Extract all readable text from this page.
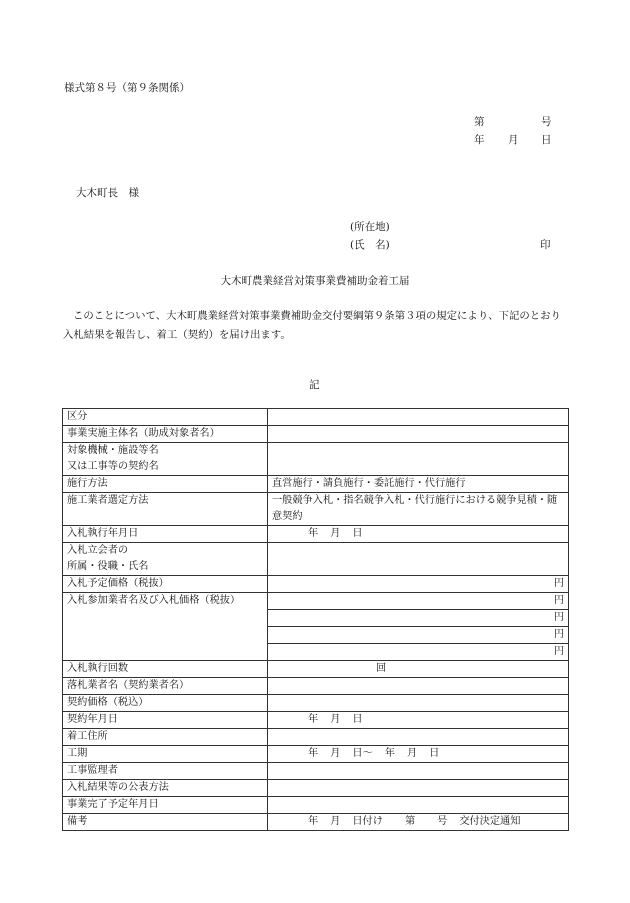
様式第８号（第９条関係）
第	号
年 月 日
大木町長　様
(所在地)
(氏　名)	印
大木町農業経営対策事業費補助金着工届
このことについて、大木町農業経営対策事業費補助金交付要綱第９条第３項の規定により、下記のとおり入札結果を報告し、着工（契約）を届け出ます。
記
区分	
事業実施主体名（助成対象者名）	
対象機械・施設等名
又は工事等の契約名	
施行方法	直営施行・請負施行・委託施行・代行施行
施工業者選定方法	一般競争入札・指名競争入札・代行施行における競争見積・随意契約
入札執行年月日	年 月 日
入札立会者の
所属・役職・氏名	
入札予定価格（税抜）	円
入札参加業者名及び入札価格（税抜）	円
	円
	円
	円
入札執行回数	回
落札業者名（契約業者名）	
契約価格（税込）	
契約年月日	年 月 日
着工住所	
工期	年 月 日～ 年 月 日
工事監理者	
入札結果等の公表方法	
事業完了予定年月日	
備考	年 月 日付け 第 号 交付決定通知
